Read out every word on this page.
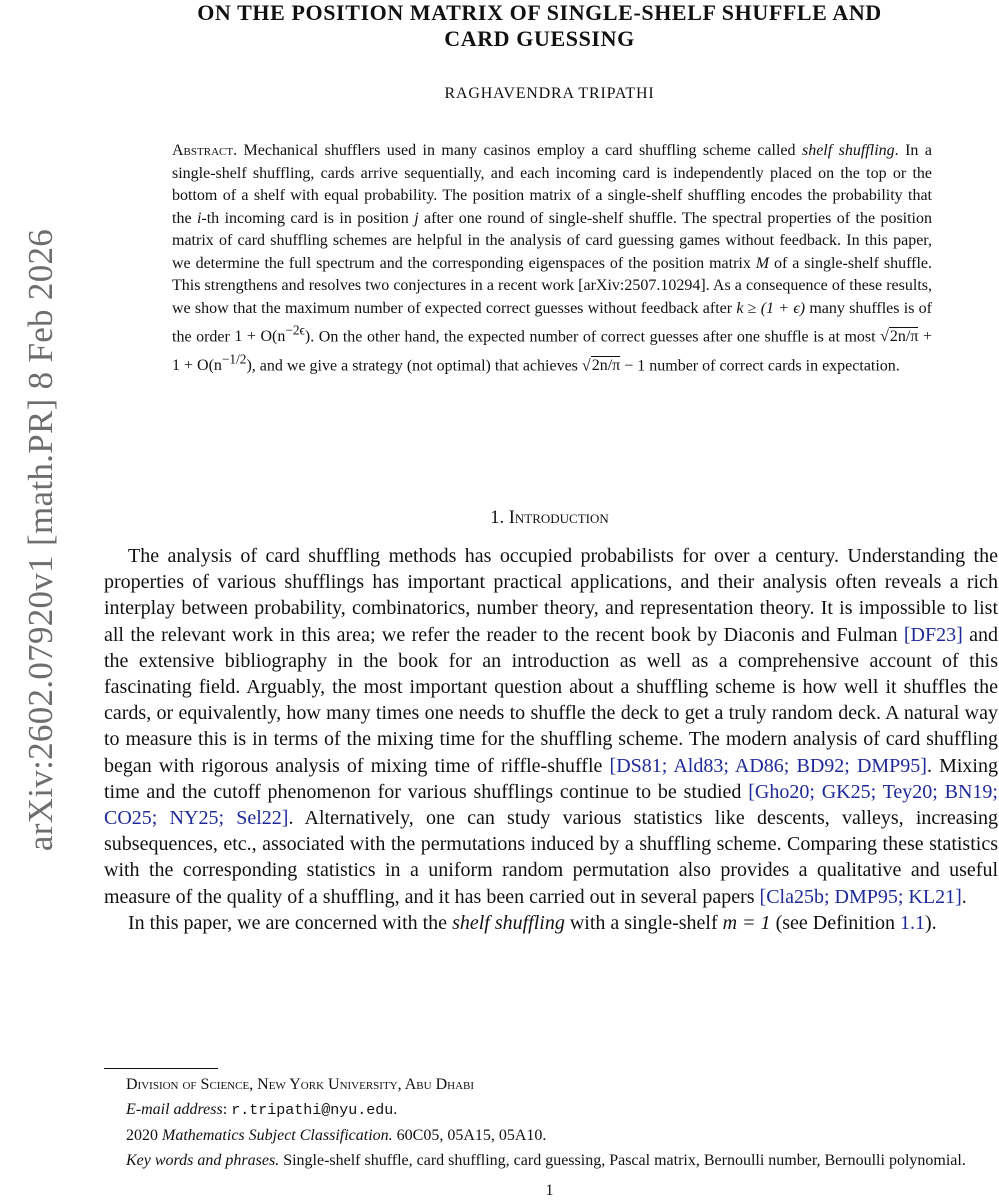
arXiv:2602.07920v1 [math.PR] 8 Feb 2026
ON THE POSITION MATRIX OF SINGLE-SHELF SHUFFLE AND
CARD GUESSING
RAGHAVENDRA TRIPATHI
Abstract. Mechanical shufflers used in many casinos employ a card shuffling scheme called shelf shuffling. In a single-shelf shuffling, cards arrive sequentially, and each incoming card is independently placed on the top or the bottom of a shelf with equal probability. The position matrix of a single-shelf shuffling encodes the probability that the i-th incoming card is in position j after one round of single-shelf shuffle. The spectral properties of the position matrix of card shuffling schemes are helpful in the analysis of card guessing games without feedback. In this paper, we determine the full spectrum and the corresponding eigenspaces of the position matrix M of a single-shelf shuffle. This strengthens and resolves two conjectures in a recent work [arXiv:2507.10294]. As a consequence of these results, we show that the maximum number of expected correct guesses without feedback after k ≥ (1 + ϵ) many shuffles is of the order $1 + O(n^{-2\epsilon})$. On the other hand, the expected number of correct guesses after one shuffle is at most $√2n/\pi + 1 + O(n^{-1/2})$, and we give a strategy (not optimal) that achieves √2n/π − 1 number of correct cards in expectation.
1. Introduction

The analysis of card shuffling methods has occupied probabilists for over a century. Understanding the properties of various shufflings has important practical applications, and their analysis often reveals a rich interplay between probability, combinatorics, number theory, and representation theory. It is impossible to list all the relevant work in this area; we refer the reader to the recent book by Diaconis and Fulman [DF23] and the extensive bibliography in the book for an introduction as well as a comprehensive account of this fascinating field. Arguably, the most important question about a shuffling scheme is how well it shuffles the cards, or equivalently, how many times one needs to shuffle the deck to get a truly random deck. A natural way to measure this is in terms of the mixing time for the shuffling scheme. The modern analysis of card shuffling began with rigorous analysis of mixing time of riffle-shuffle [DS81; Ald83; AD86; BD92; DMP95]. Mixing time and the cutoff phenomenon for various shufflings continue to be studied [Gho20; GK25; Tey20; BN19; CO25; NY25; Sel22]. Alternatively, one can study various statistics like descents, valleys, increasing subsequences, etc., associated with the permutations induced by a shuffling scheme. Comparing these statistics with the corresponding statistics in a uniform random permutation also provides a qualitative and useful measure of the quality of a shuffling, and it has been carried out in several papers [Cla25b; DMP95; KL21].

In this paper, we are concerned with the shelf shuffling with a single-shelf m = 1 (see Definition 1.1).

Division of Science, New York University, Abu Dhabi

E-mail address: r.tripathi@nyu.edu.

2020 Mathematics Subject Classification. 60C05, 05A15, 05A10.

Key words and phrases. Single-shelf shuffle, card shuffling, card guessing, Pascal matrix, Bernoulli number, Bernoulli polynomial.

1
